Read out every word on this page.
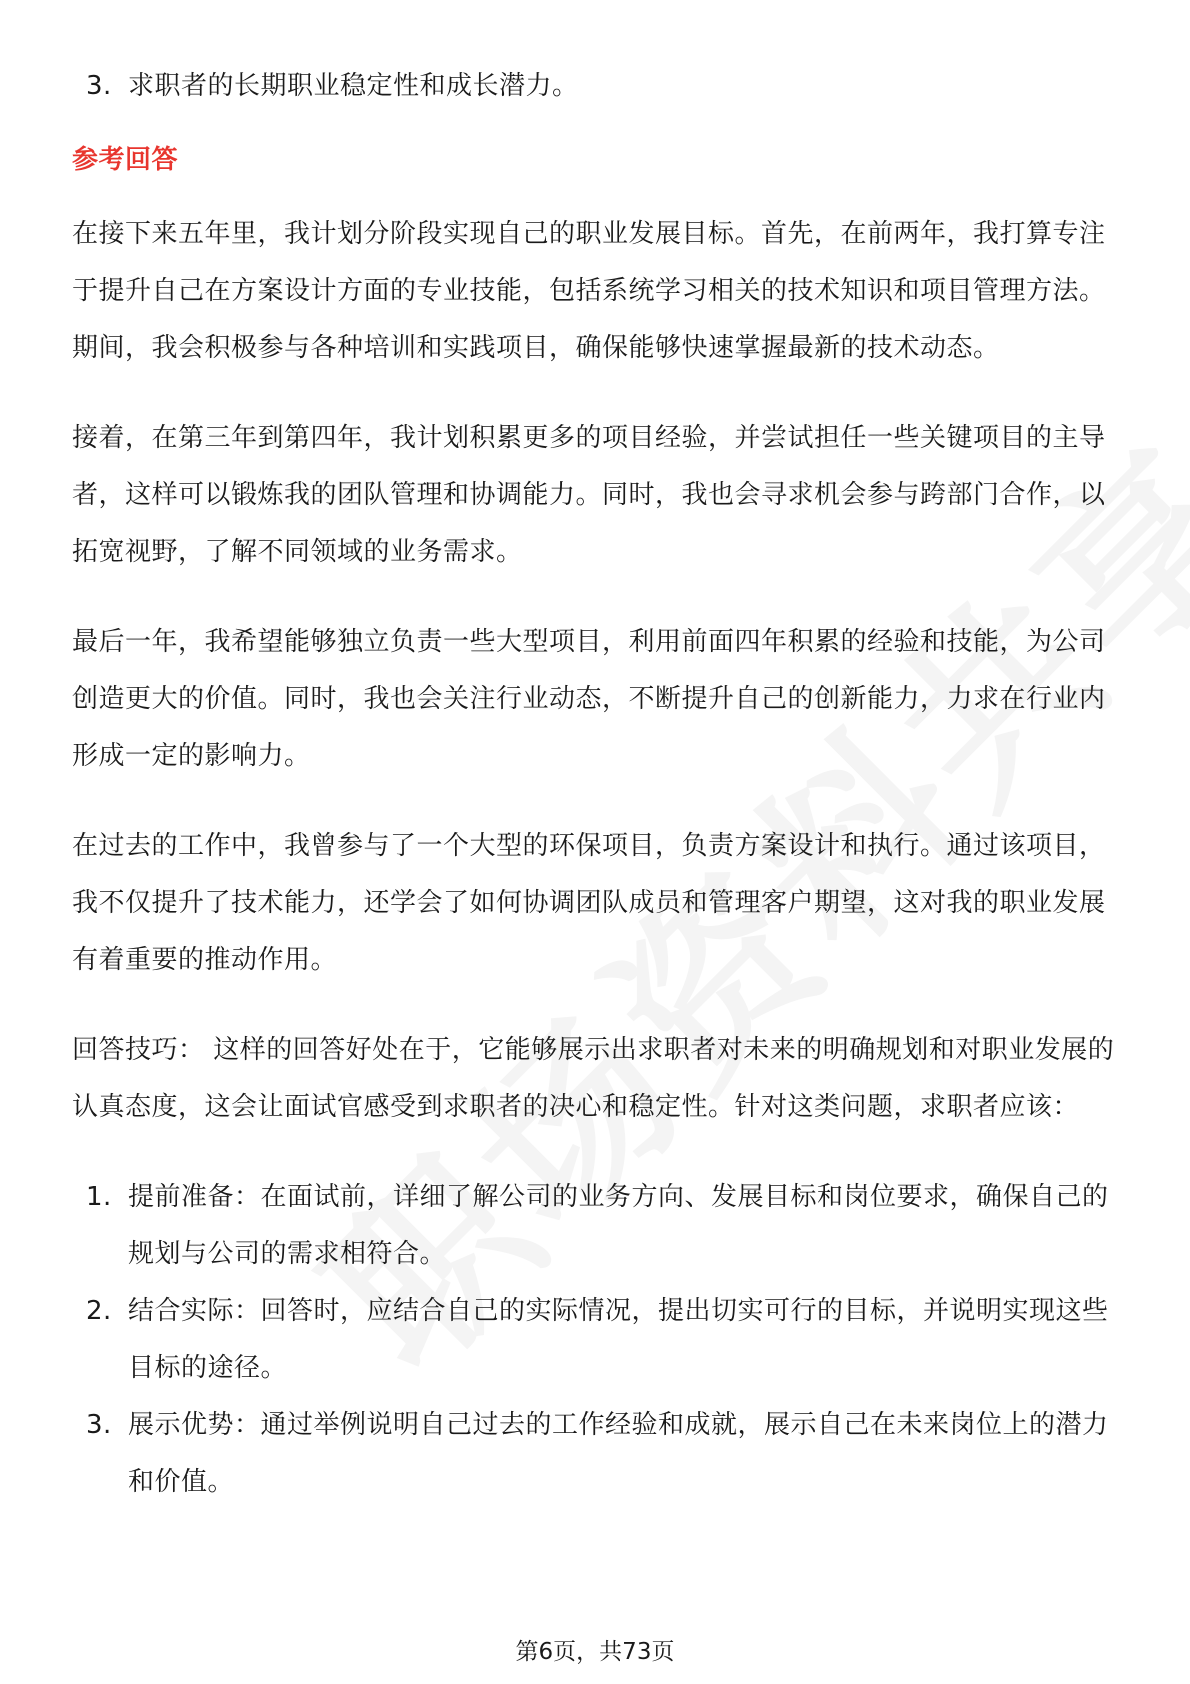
3. 求职者的长期职业稳定性和成长潜力。
参考回答

在接下来五年里，我计划分阶段实现自己的职业发展目标。首先，在前两年，我打算专注于提升自己在方案设计方面的专业技能，包括系统学习相关的技术知识和项目管理方法。期间，我会积极参与各种培训和实践项目，确保能够快速掌握最新的技术动态。

接着，在第三年到第四年，我计划积累更多的项目经验，并尝试担任一些关键项目的主导者，这样可以锻炼我的团队管理和协调能力。同时，我也会寻求机会参与跨部门合作，以拓宽视野，了解不同领域的业务需求。

最后一年，我希望能够独立负责一些大型项目，利用前面四年积累的经验和技能，为公司创造更大的价值。同时，我也会关注行业动态，不断提升自己的创新能力，力求在行业内形成一定的影响力。

在过去的工作中，我曾参与了一个大型的环保项目，负责方案设计和执行。通过该项目，我不仅提升了技术能力，还学会了如何协调团队成员和管理客户期望，这对我的职业发展有着重要的推动作用。

回答技巧： 这样的回答好处在于，它能够展示出求职者对未来的明确规划和对职业发展的认真态度，这会让面试官感受到求职者的决心和稳定性。针对这类问题，求职者应该：

1. 提前准备：在面试前，详细了解公司的业务方向、发展目标和岗位要求，确保自己的规划与公司的需求相符合。
2. 结合实际：回答时，应结合自己的实际情况，提出切实可行的目标，并说明实现这些目标的途径。
3. 展示优势：通过举例说明自己过去的工作经验和成就，展示自己在未来岗位上的潜力和价值。
第6页，共73页
